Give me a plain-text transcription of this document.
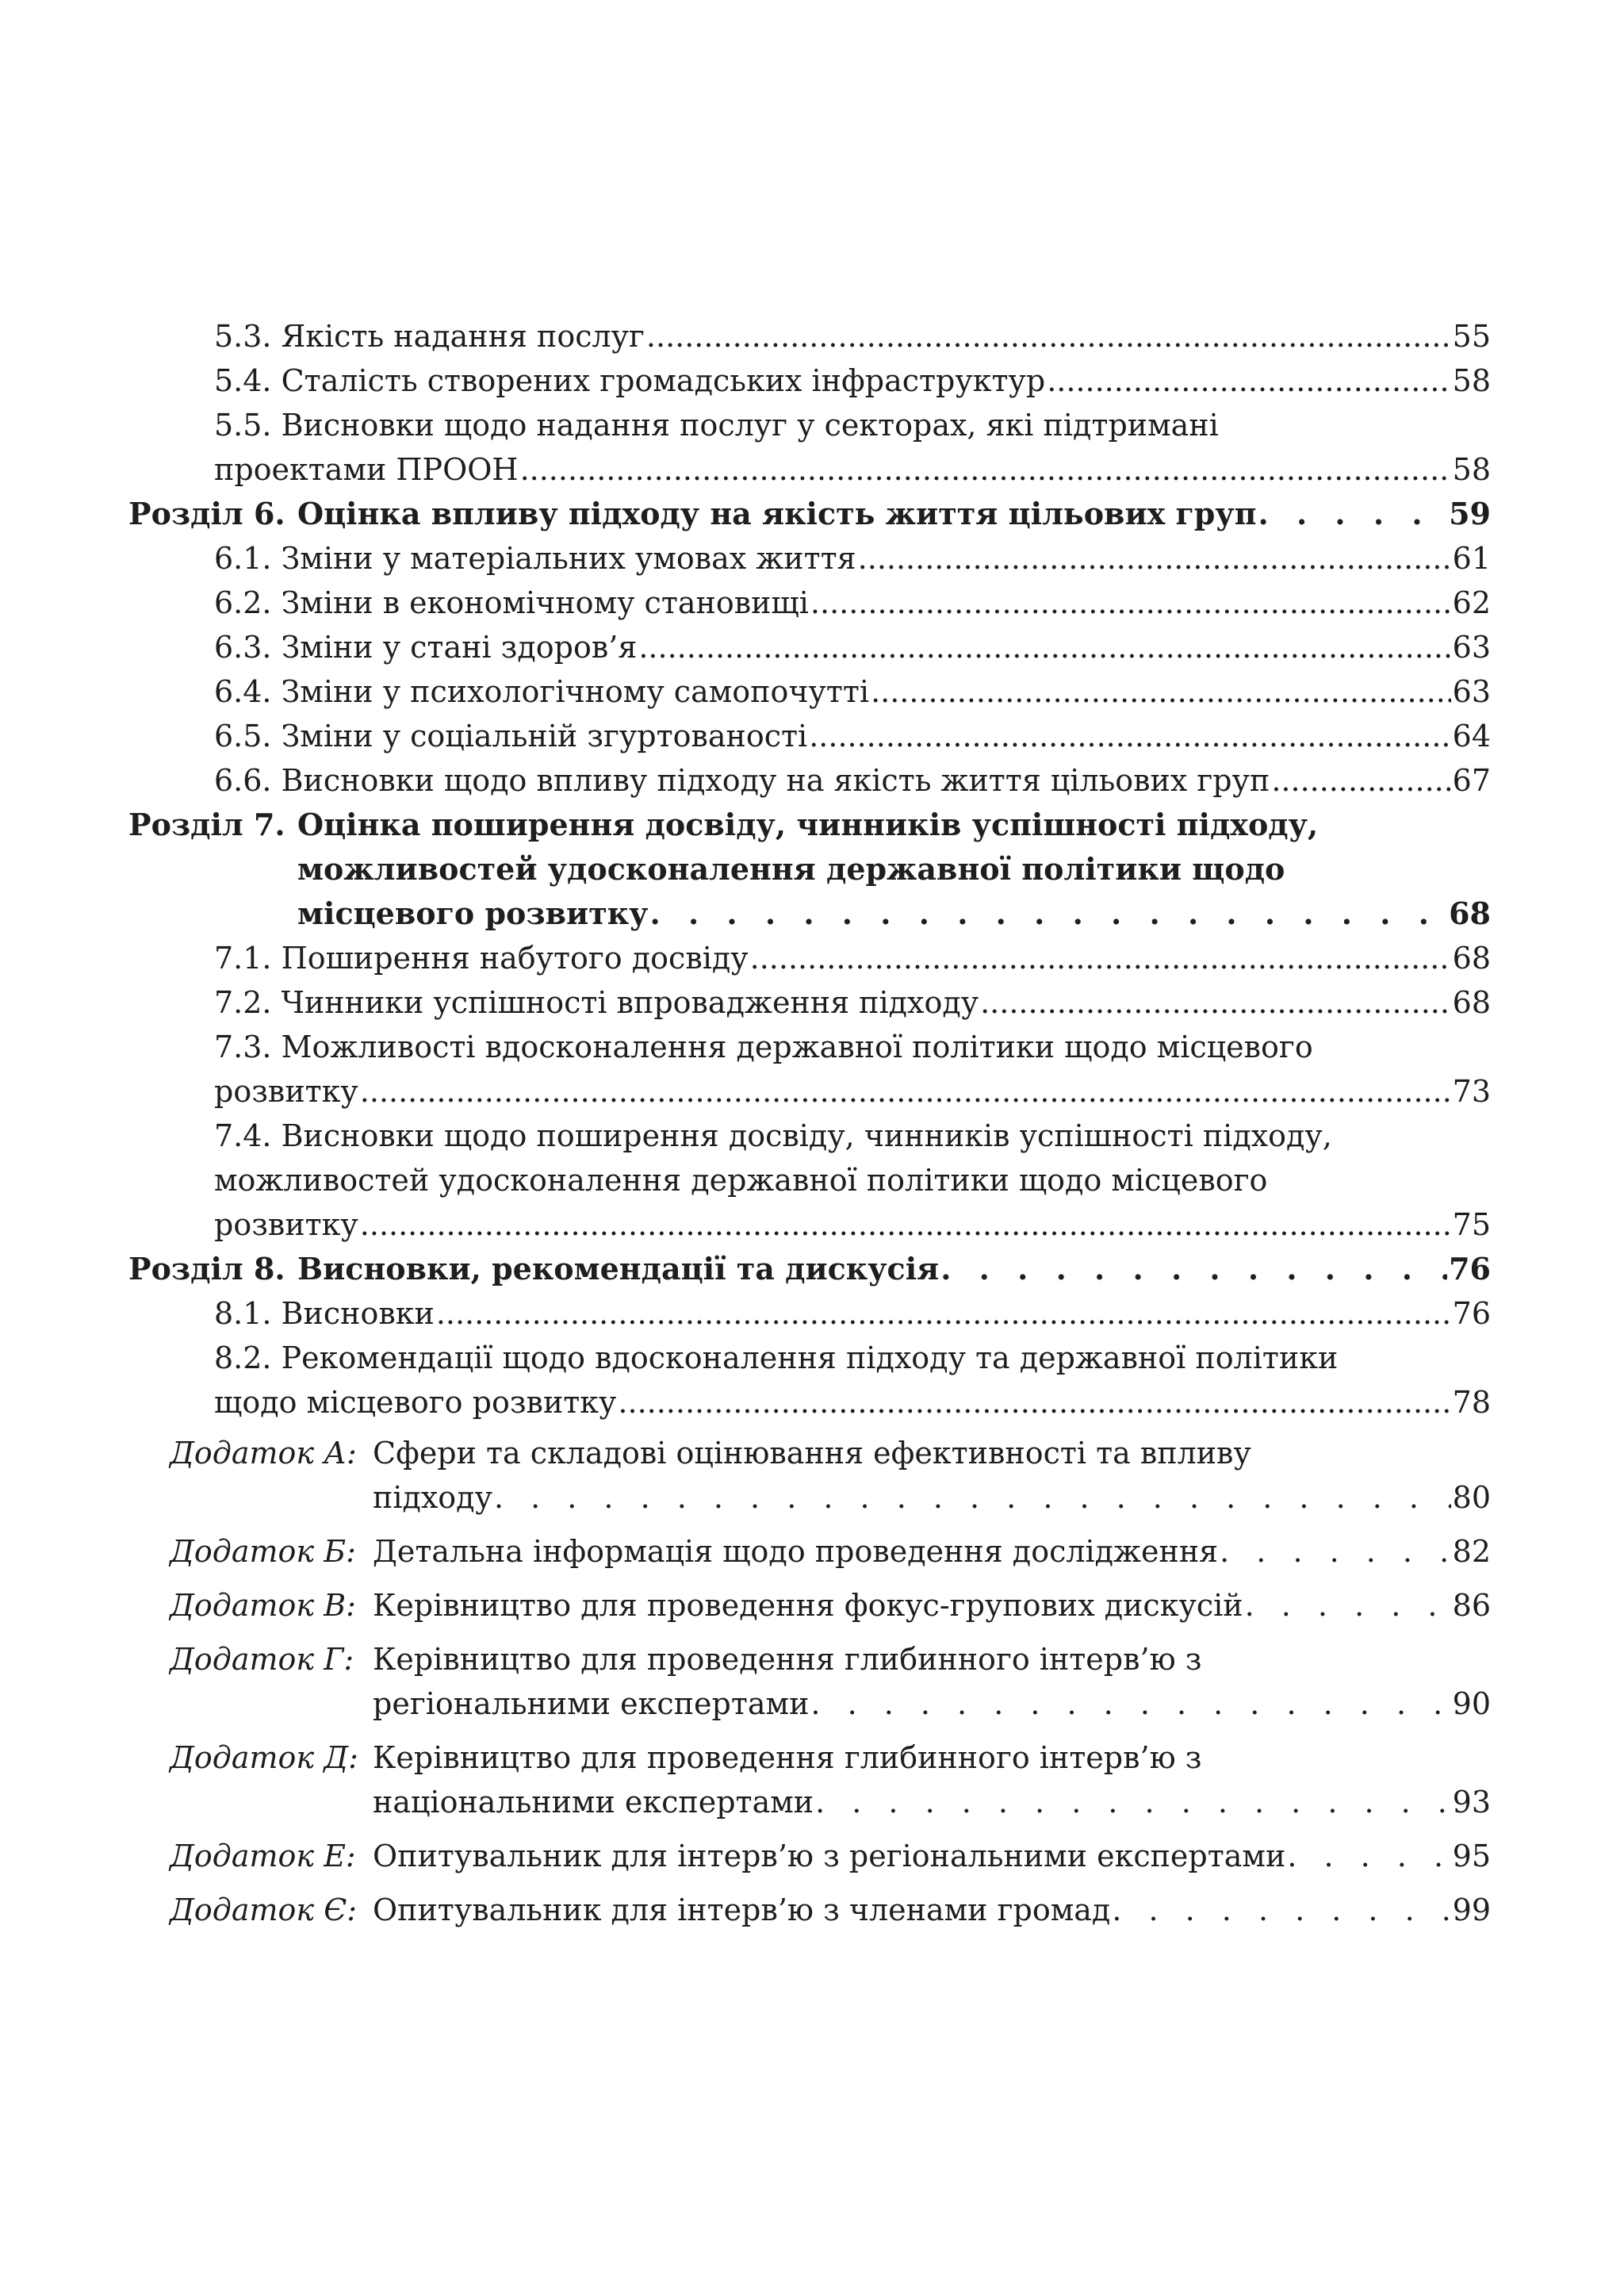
5.3. Якість надання послуг .....	55
5.4. Сталість створених громадських інфраструктур .....	58
5.5. Висновки щодо надання послуг у секторах, які підтримані
проектами ПРООН .....	58
Розділ 6. Оцінка впливу підходу на якість життя цільових груп . . .	59
6.1. Зміни у матеріальних умовах життя .....	61
6.2. Зміни в економічному становищі .....	62
6.3. Зміни у стані здоров’я .....	63
6.4. Зміни у психологічному самопочутті .....	63
6.5. Зміни у соціальній згуртованості .....	64
6.6. Висновки щодо впливу підходу на якість життя цільових груп .....	67
Розділ 7. Оцінка поширення досвіду, чинників успішності підходу,
можливостей удосконалення державної політики щодо
місцевого розвитку . . .	68
7.1. Поширення набутого досвіду .....	68
7.2. Чинники успішності впровадження підходу .....	68
7.3. Можливості вдосконалення державної політики щодо місцевого
розвитку .....	73
7.4. Висновки щодо поширення досвіду, чинників успішності підходу,
можливостей удосконалення державної політики щодо місцевого
розвитку .....	75
Розділ 8. Висновки, рекомендації та дискусія . . .	76
8.1. Висновки .....	76
8.2. Рекомендації щодо вдосконалення підходу та державної політики
щодо місцевого розвитку .....	78
Додаток А: Сфери та складові оцінювання ефективності та впливу
підходу . . .	80
Додаток Б: Детальна інформація щодо проведення дослідження . . .	82
Додаток В: Керівництво для проведення фокус-групових дискусій . . .	86
Додаток Г: Керівництво для проведення глибинного інтерв’ю з
регіональними експертами . . .	90
Додаток Д: Керівництво для проведення глибинного інтерв’ю з
національними експертами . . .	93
Додаток Е: Опитувальник для інтерв’ю з регіональними експертами . . .	95
Додаток Є: Опитувальник для інтерв’ю з членами громад . . .	99
